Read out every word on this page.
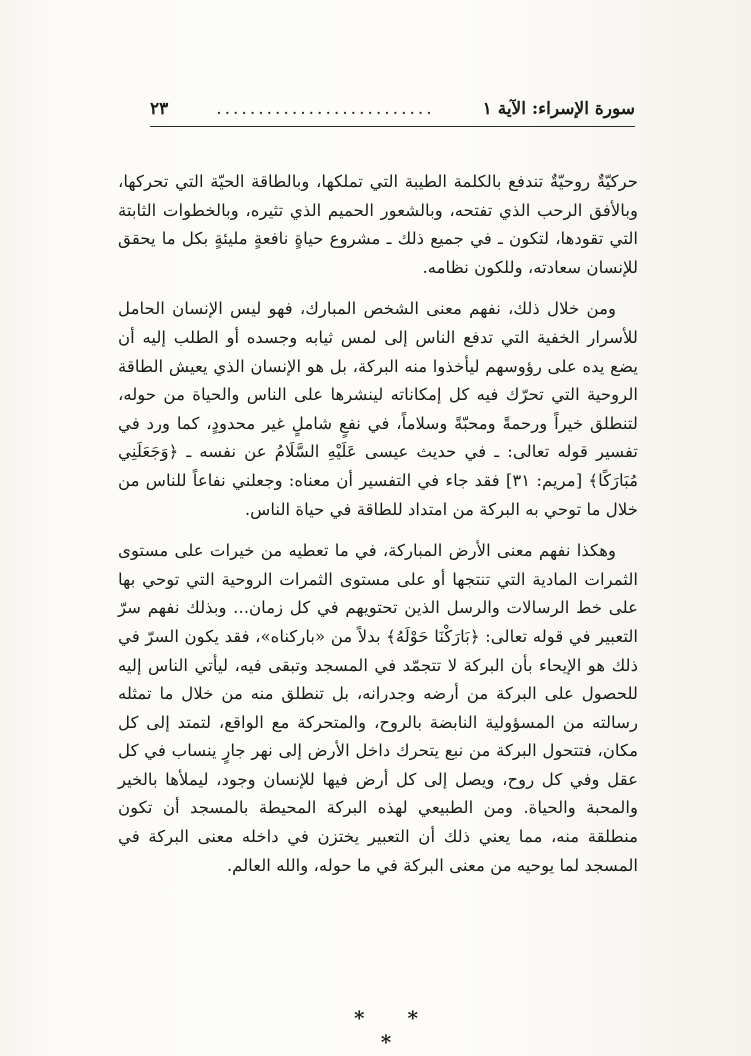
سورة الإسراء: الآية ١
..........................
٢٣

حركيّةٌ روحيّةٌ تندفع بالكلمة الطيبة التي تملكها، وبالطاقة الحيّة التي تحركها، وبالأفق الرحب الذي تفتحه، وبالشعور الحميم الذي تثيره، وبالخطوات الثابتة التي تقودها، لتكون ـ في جميع ذلك ـ مشروع حياةٍ نافعةٍ مليئةٍ بكل ما يحقق للإنسان سعادته، وللكون نظامه.

ومن خلال ذلك، نفهم معنى الشخص المبارك، فهو ليس الإنسان الحامل للأسرار الخفية التي تدفع الناس إلى لمس ثيابه وجسده أو الطلب إليه أن يضع يده على رؤوسهم ليأخذوا منه البركة، بل هو الإنسان الذي يعيش الطاقة الروحية التي تحرّك فيه كل إمكاناته لينشرها على الناس والحياة من حوله، لتنطلق خيراً ورحمةً ومحبّةً وسلاماً، في نفعٍ شاملٍ غير محدودٍ، كما ورد في تفسير قوله تعالى: ـ في حديث عيسى عَلَيْهِ السَّلَامُ عن نفسه ـ ﴿وَجَعَلَنِي مُبَارَكًا﴾ [مريم: ٣١] فقد جاء في التفسير أن معناه: وجعلني نفاعاً للناس من خلال ما توحي به البركة من امتداد للطاقة في حياة الناس.

وهكذا نفهم معنى الأرض المباركة، في ما تعطيه من خيرات على مستوى الثمرات المادية التي تنتجها أو على مستوى الثمرات الروحية التي توحي بها على خط الرسالات والرسل الذين تحتويهم في كل زمان... وبذلك نفهم سرّ التعبير في قوله تعالى: ﴿بَارَكْنَا حَوْلَهُ﴾ بدلاً من «باركناه»، فقد يكون السرّ في ذلك هو الإيحاء بأن البركة لا تتجمّد في المسجد وتبقى فيه، ليأتي الناس إليه للحصول على البركة من أرضه وجدرانه، بل تنطلق منه من خلال ما تمثله رسالته من المسؤولية النابضة بالروح، والمتحركة مع الواقع، لتمتد إلى كل مكان، فتتحول البركة من نبع يتحرك داخل الأرض إلى نهر جارٍ ينساب في كل عقل وفي كل روح، ويصل إلى كل أرض فيها للإنسان وجود، ليملأها بالخير والمحبة والحياة. ومن الطبيعي لهذه البركة المحيطة بالمسجد أن تكون منطلقة منه، مما يعني ذلك أن التعبير يختزن في داخله معنى البركة في المسجد لما يوحيه من معنى البركة في ما حوله، والله العالم.

* * *
